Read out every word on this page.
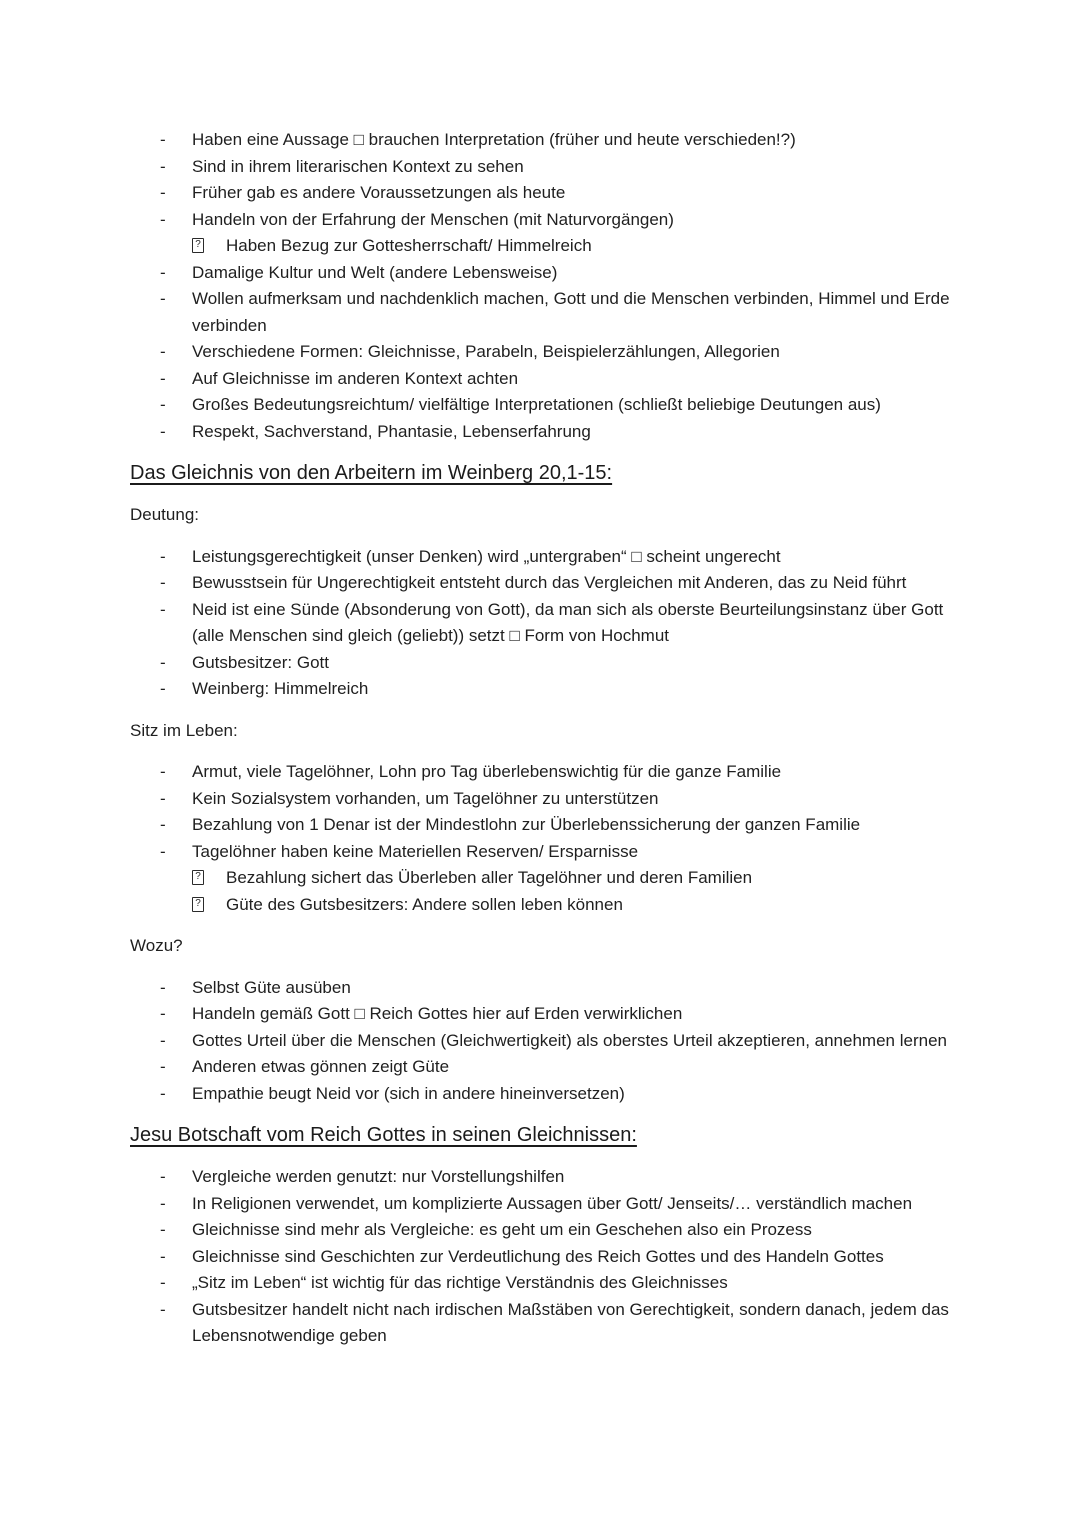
- Haben eine Aussage □ brauchen Interpretation (früher und heute verschieden!?)
- Sind in ihrem literarischen Kontext zu sehen
- Früher gab es andere Voraussetzungen als heute
- Handeln von der Erfahrung der Menschen (mit Naturvorgängen)
? Haben Bezug zur Gottesherrschaft/ Himmelreich
- Damalige Kultur und Welt (andere Lebensweise)
- Wollen aufmerksam und nachdenklich machen, Gott und die Menschen verbinden, Himmel und Erde verbinden
- Verschiedene Formen: Gleichnisse, Parabeln, Beispielerzählungen, Allegorien
- Auf Gleichnisse im anderen Kontext achten
- Großes Bedeutungsreichtum/ vielfältige Interpretationen (schließt beliebige Deutungen aus)
- Respekt, Sachverstand, Phantasie, Lebenserfahrung
Das Gleichnis von den Arbeitern im Weinberg 20,1-15:

Deutung:

- Leistungsgerechtigkeit (unser Denken) wird „untergraben“ □ scheint ungerecht
- Bewusstsein für Ungerechtigkeit entsteht durch das Vergleichen mit Anderen, das zu Neid führt
- Neid ist eine Sünde (Absonderung von Gott), da man sich als oberste Beurteilungsinstanz über Gott (alle Menschen sind gleich (geliebt)) setzt □ Form von Hochmut
- Gutsbesitzer: Gott
- Weinberg: Himmelreich

Sitz im Leben:

- Armut, viele Tagelöhner, Lohn pro Tag überlebenswichtig für die ganze Familie
- Kein Sozialsystem vorhanden, um Tagelöhner zu unterstützen
- Bezahlung von 1 Denar ist der Mindestlohn zur Überlebenssicherung der ganzen Familie
- Tagelöhner haben keine Materiellen Reserven/ Ersparnisse
? Bezahlung sichert das Überleben aller Tagelöhner und deren Familien
? Güte des Gutsbesitzers: Andere sollen leben können

Wozu?

- Selbst Güte ausüben
- Handeln gemäß Gott □ Reich Gottes hier auf Erden verwirklichen
- Gottes Urteil über die Menschen (Gleichwertigkeit) als oberstes Urteil akzeptieren, annehmen lernen
- Anderen etwas gönnen zeigt Güte
- Empathie beugt Neid vor (sich in andere hineinversetzen)
Jesu Botschaft vom Reich Gottes in seinen Gleichnissen:
- Vergleiche werden genutzt: nur Vorstellungshilfen
- In Religionen verwendet, um komplizierte Aussagen über Gott/ Jenseits/… verständlich machen
- Gleichnisse sind mehr als Vergleiche: es geht um ein Geschehen also ein Prozess
- Gleichnisse sind Geschichten zur Verdeutlichung des Reich Gottes und des Handeln Gottes
- „Sitz im Leben“ ist wichtig für das richtige Verständnis des Gleichnisses
- Gutsbesitzer handelt nicht nach irdischen Maßstäben von Gerechtigkeit, sondern danach, jedem das Lebensnotwendige geben
